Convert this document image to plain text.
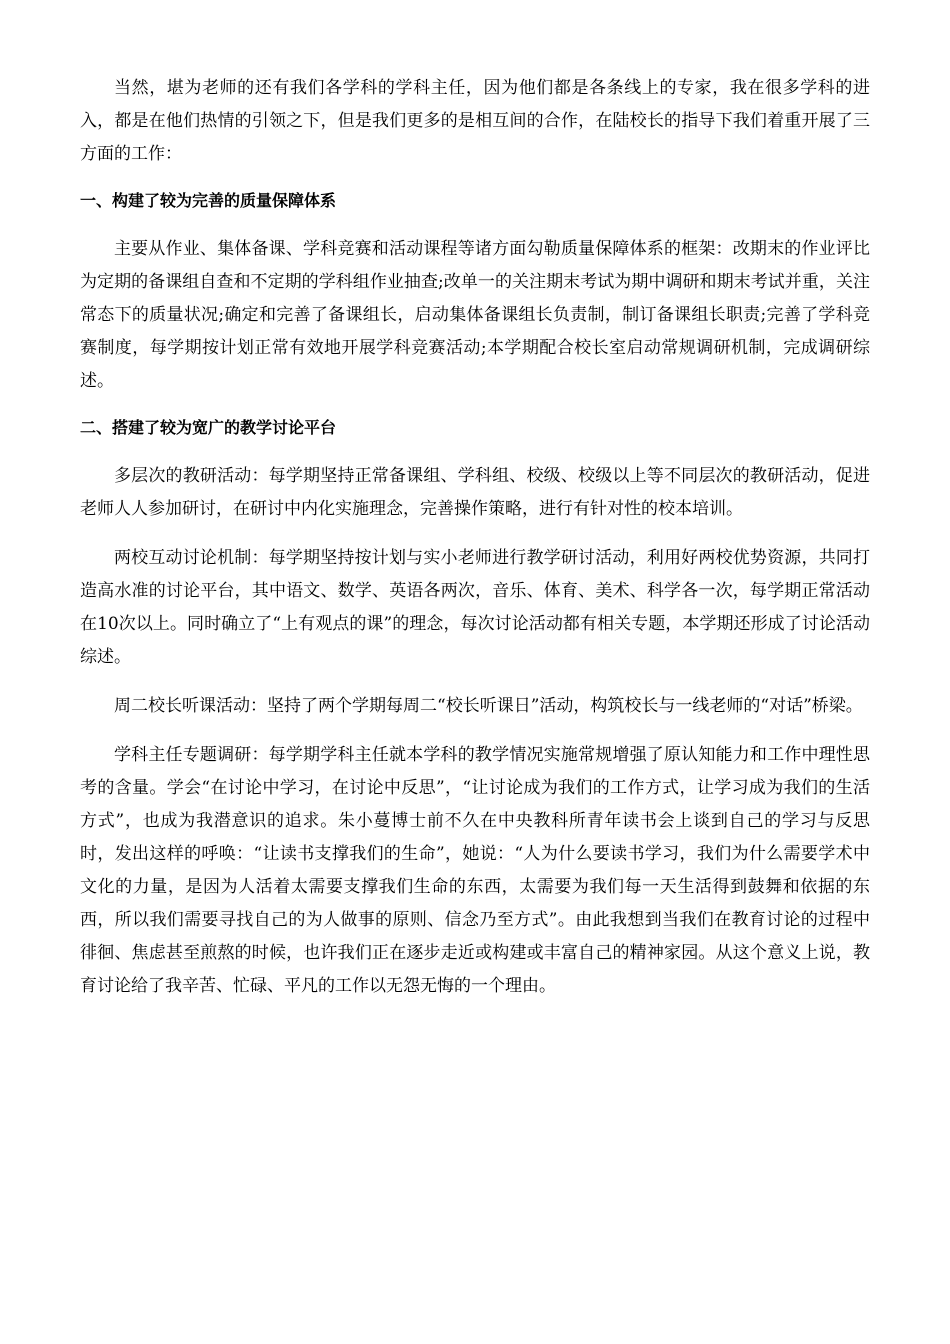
当然，堪为老师的还有我们各学科的学科主任，因为他们都是各条线上的专家，我在很多学科的进入，都是在他们热情的引领之下，但是我们更多的是相互间的合作，在陆校长的指导下我们着重开展了三方面的工作：

一、构建了较为完善的质量保障体系

主要从作业、集体备课、学科竞赛和活动课程等诸方面勾勒质量保障体系的框架：改期末的作业评比为定期的备课组自查和不定期的学科组作业抽查;改单一的关注期末考试为期中调研和期末考试并重，关注常态下的质量状况;确定和完善了备课组长，启动集体备课组长负责制，制订备课组长职责;完善了学科竞赛制度，每学期按计划正常有效地开展学科竞赛活动;本学期配合校长室启动常规调研机制，完成调研综述。

二、搭建了较为宽广的教学讨论平台

多层次的教研活动：每学期坚持正常备课组、学科组、校级、校级以上等不同层次的教研活动，促进老师人人参加研讨，在研讨中内化实施理念，完善操作策略，进行有针对性的校本培训。

两校互动讨论机制：每学期坚持按计划与实小老师进行教学研讨活动，利用好两校优势资源，共同打造高水准的讨论平台，其中语文、数学、英语各两次，音乐、体育、美术、科学各一次，每学期正常活动在10次以上。同时确立了“上有观点的课”的理念，每次讨论活动都有相关专题，本学期还形成了讨论活动综述。

周二校长听课活动：坚持了两个学期每周二“校长听课日”活动，构筑校长与一线老师的“对话”桥梁。

学科主任专题调研：每学期学科主任就本学科的教学情况实施常规增强了原认知能力和工作中理性思考的含量。学会“在讨论中学习，在讨论中反思”，“让讨论成为我们的工作方式，让学习成为我们的生活方式”，也成为我潜意识的追求。朱小蔓博士前不久在中央教科所青年读书会上谈到自己的学习与反思时，发出这样的呼唤：“让读书支撑我们的生命”，她说：“人为什么要读书学习，我们为什么需要学术中文化的力量，是因为人活着太需要支撑我们生命的东西，太需要为我们每一天生活得到鼓舞和依据的东西，所以我们需要寻找自己的为人做事的原则、信念乃至方式”。由此我想到当我们在教育讨论的过程中徘徊、焦虑甚至煎熬的时候，也许我们正在逐步走近或构建或丰富自己的精神家园。从这个意义上说，教育讨论给了我辛苦、忙碌、平凡的工作以无怨无悔的一个理由。
